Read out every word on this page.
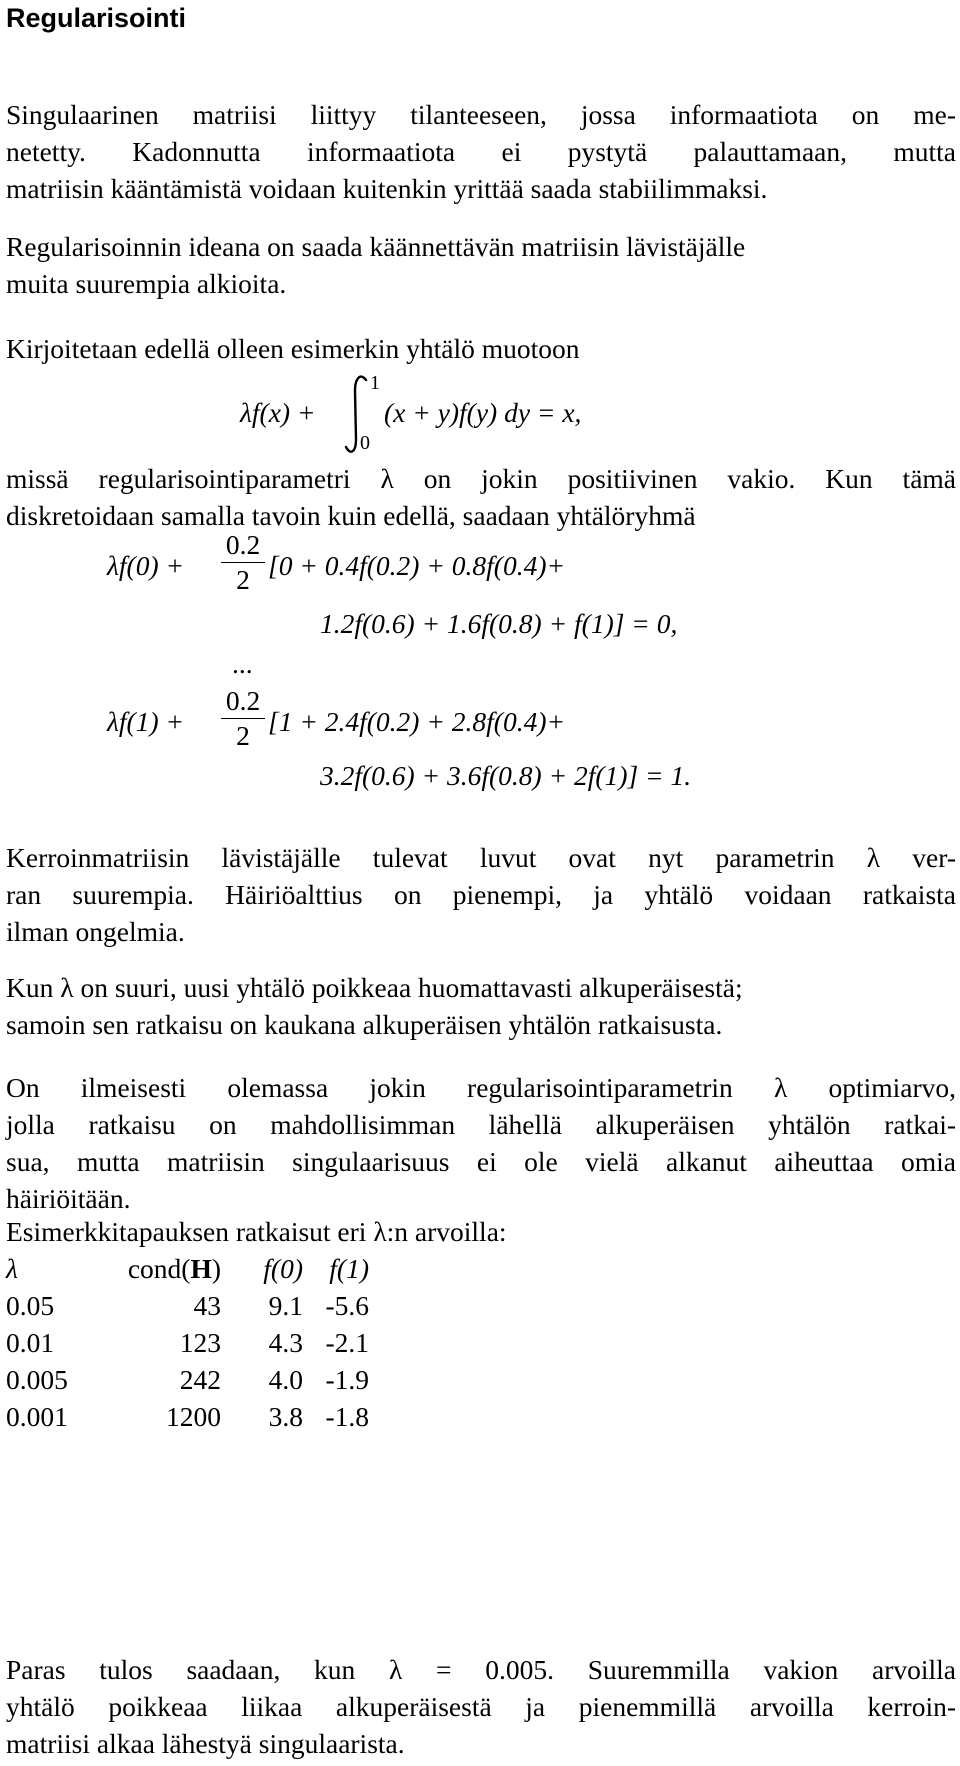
Regularisointi
Singulaarinen matriisi liittyy tilanteeseen, jossa informaatiota on me-
netetty. Kadonnutta informaatiota ei pystytä palauttamaan, mutta
matriisin kääntämistä voidaan kuitenkin yrittää saada stabiilimmaksi.
Regularisoinnin ideana on saada käännettävän matriisin lävistäjälle
muita suurempia alkioita.
Kirjoitetaan edellä olleen esimerkin yhtälö muotoon
λf(x) +
1
0
(x + y)f(y) dy = x,
missä regularisointiparametri λ on jokin positiivinen vakio. Kun tämä
diskretoidaan samalla tavoin kuin edellä, saadaan yhtälöryhmä
λf(0) +
0.2
2 [0 + 0.4f(0.2) + 0.8f(0.4)+
1.2f(0.6) + 1.6f(0.8) + f(1)] = 0,
...
λf(1) +
0.2
2 [1 + 2.4f(0.2) + 2.8f(0.4)+
3.2f(0.6) + 3.6f(0.8) + 2f(1)] = 1.
Kerroinmatriisin lävistäjälle tulevat luvut ovat nyt parametrin λ ver-
ran suurempia. Häiriöalttius on pienempi, ja yhtälö voidaan ratkaista
ilman ongelmia.
Kun λ on suuri, uusi yhtälö poikkeaa huomattavasti alkuperäisestä;
samoin sen ratkaisu on kaukana alkuperäisen yhtälön ratkaisusta.
On ilmeisesti olemassa jokin regularisointiparametrin λ optimiarvo,
jolla ratkaisu on mahdollisimman lähellä alkuperäisen yhtälön ratkai-
sua, mutta matriisin singulaarisuus ei ole vielä alkanut aiheuttaa omia
häiriöitään.
Esimerkkitapauksen ratkaisut eri λ:n arvoilla:
λ	cond(H)	f(0)	f(1)
0.05	43	9.1	-5.6
0.01	123	4.3	-2.1
0.005	242	4.0	-1.9
0.001	1200	3.8	-1.8
Paras tulos saadaan, kun λ = 0.005. Suuremmilla vakion arvoilla
yhtälö poikkeaa liikaa alkuperäisestä ja pienemmillä arvoilla kerroin-
matriisi alkaa lähestyä singulaarista.
